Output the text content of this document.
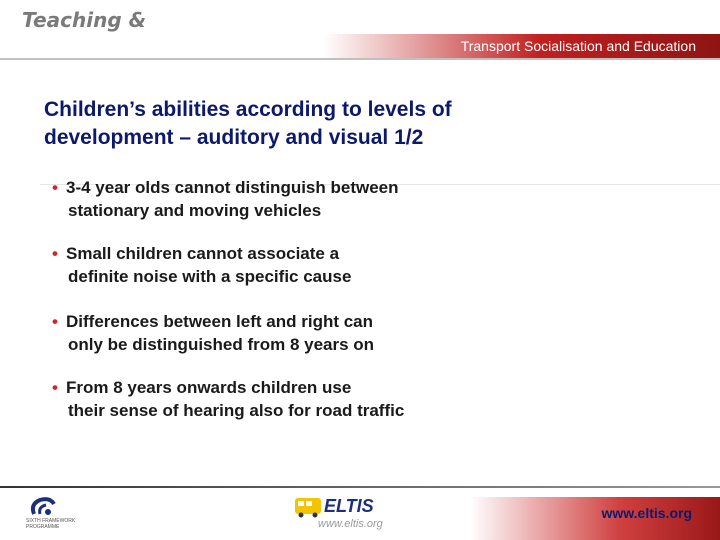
Teaching &
Transport Socialisation and Education
Children’s abilities according to levels of development – auditory and visual 1/2
• 3-4 year olds cannot distinguish between
stationary and moving vehicles
• Small children cannot associate a
definite noise with a specific cause
• Differences between left and right can
only be distinguished from 8 years on
• From 8 years onwards children use
their sense of hearing also for road traffic
SIXTH FRAMEWORK PROGRAMME
ELTIS
www.eltis.org
www.eltis.org
